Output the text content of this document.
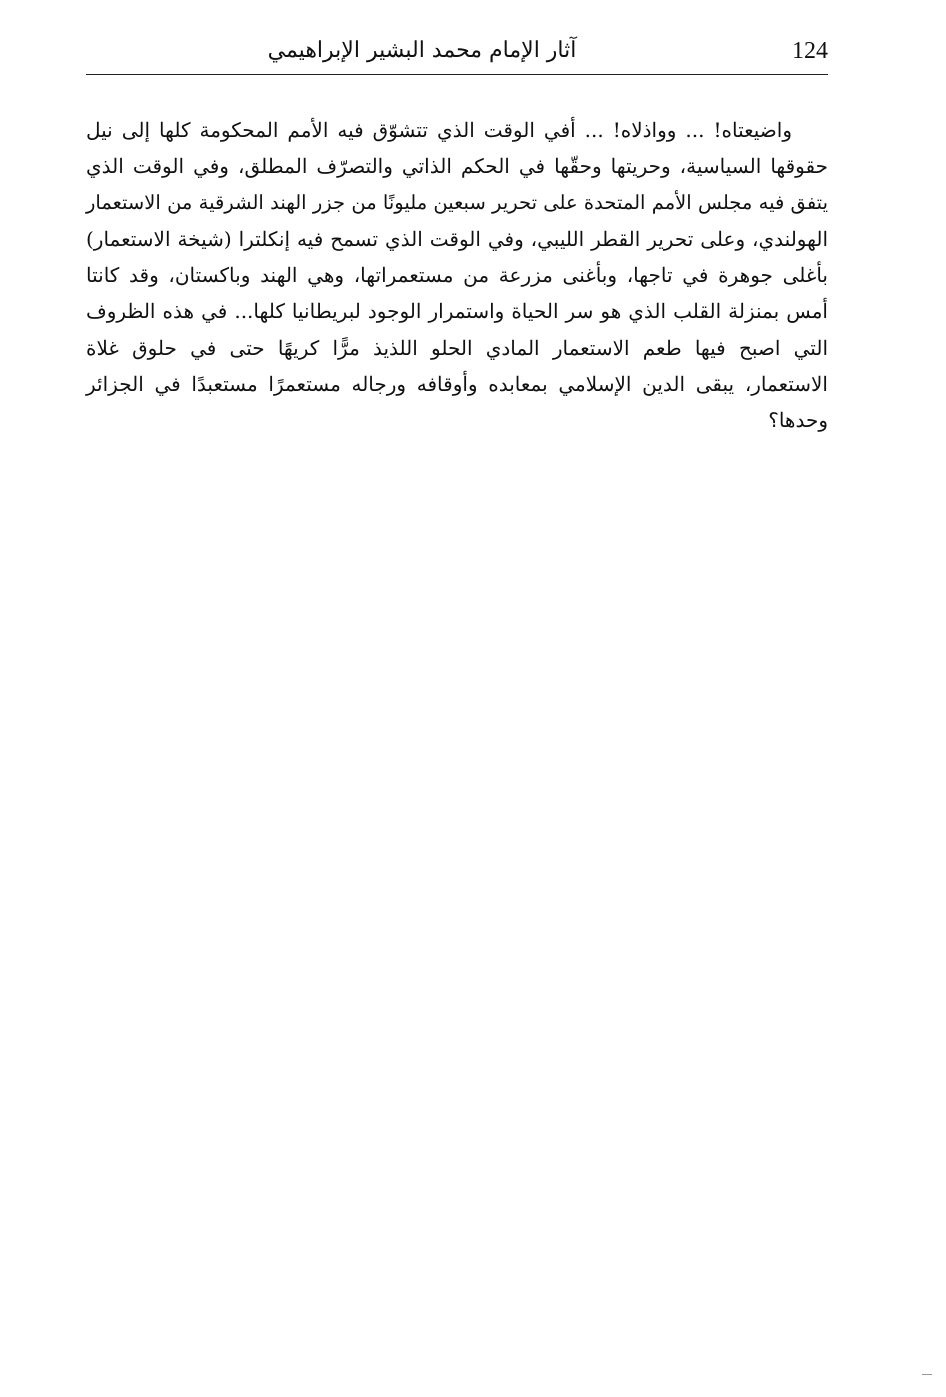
124
آثار الإمام محمد البشير الإبراهيمي
واضيعتاه! ... وواذلاه! ... أفي الوقت الذي تتشوّق فيه الأمم المحكومة كلها إلى نيل
حقوقها السياسية، وحريتها وحقّها في الحكم الذاتي والتصرّف المطلق، وفي الوقت الذي
يتفق فيه مجلس الأمم المتحدة على تحرير سبعين مليونًا من جزر الهند الشرقية من الاستعمار
الهولندي، وعلى تحرير القطر الليبي، وفي الوقت الذي تسمح فيه إنكلترا (شيخة الاستعمار)
بأغلى جوهرة في تاجها، وبأغنى مزرعة من مستعمراتها، وهي الهند وباكستان، وقد كانتا
أمس بمنزلة القلب الذي هو سر الحياة واستمرار الوجود لبريطانيا كلها... في هذه الظروف
التي اصبح فيها طعم الاستعمار المادي الحلو اللذيذ مرًّا كريهًا حتى في حلوق غلاة
الاستعمار، يبقى الدين الإسلامي بمعابده وأوقافه ورجاله مستعمرًا مستعبدًا في الجزائر
وحدها؟
